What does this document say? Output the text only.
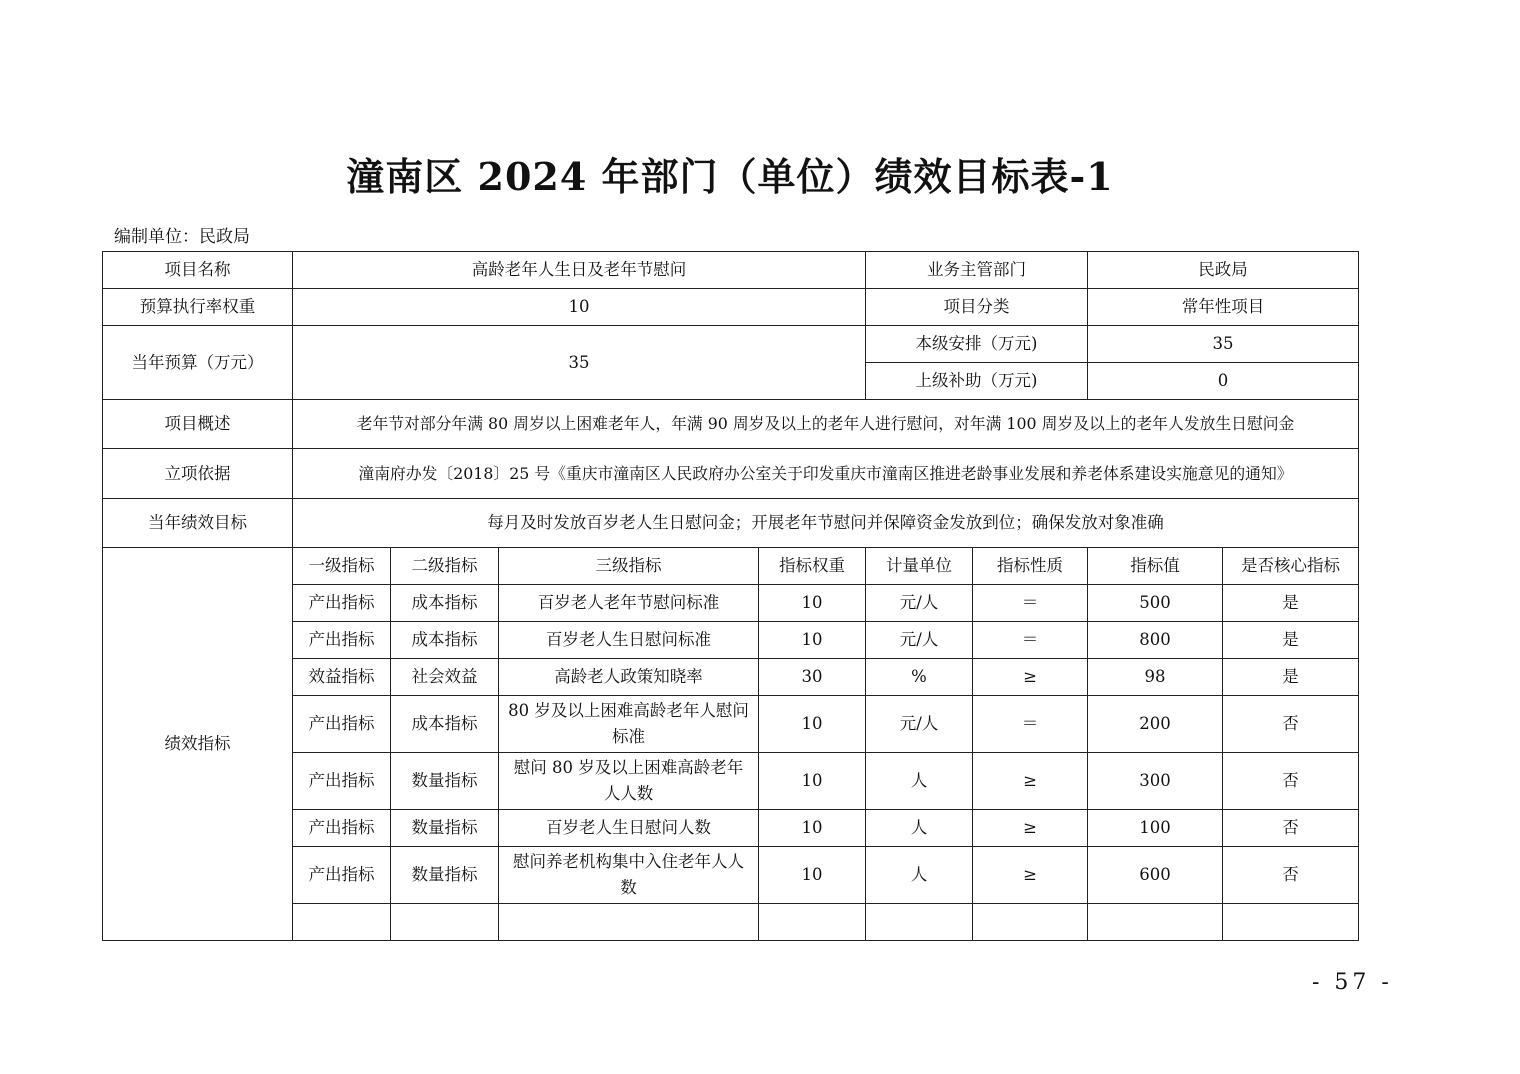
潼南区 2024 年部门（单位）绩效目标表-1
编制单位：民政局
项目名称	高龄老年人生日及老年节慰问				业务主管部门		民政局	
预算执行率权重	10				项目分类		常年性项目	
当年预算（万元）	35				本级安排（万元)		35	
					上级补助（万元)		0	
项目概述	老年节对部分年满 80 周岁以上困难老年人，年满 90 周岁及以上的老年人进行慰问，对年满 100 周岁及以上的老年人发放生日慰问金							
立项依据	潼南府办发〔2018〕25 号《重庆市潼南区人民政府办公室关于印发重庆市潼南区推进老龄事业发展和养老体系建设实施意见的通知》							
当年绩效目标	每月及时发放百岁老人生日慰问金；开展老年节慰问并保障资金发放到位；确保发放对象准确							
绩效指标	一级指标	二级指标	三级指标	指标权重	计量单位	指标性质	指标值	是否核心指标
	产出指标	成本指标	百岁老人老年节慰问标准	10	元/人	＝	500	是
	产出指标	成本指标	百岁老人生日慰问标准	10	元/人	＝	800	是
	效益指标	社会效益	高龄老人政策知晓率	30	%	≥	98	是
	产出指标	成本指标	80 岁及以上困难高龄老年人慰问标准	10	元/人	＝	200	否
	产出指标	数量指标	慰问 80 岁及以上困难高龄老年人人数	10	人	≥	300	否
	产出指标	数量指标	百岁老人生日慰问人数	10	人	≥	100	否
	产出指标	数量指标	慰问养老机构集中入住老年人人数	10	人	≥	600	否

- 57 -
